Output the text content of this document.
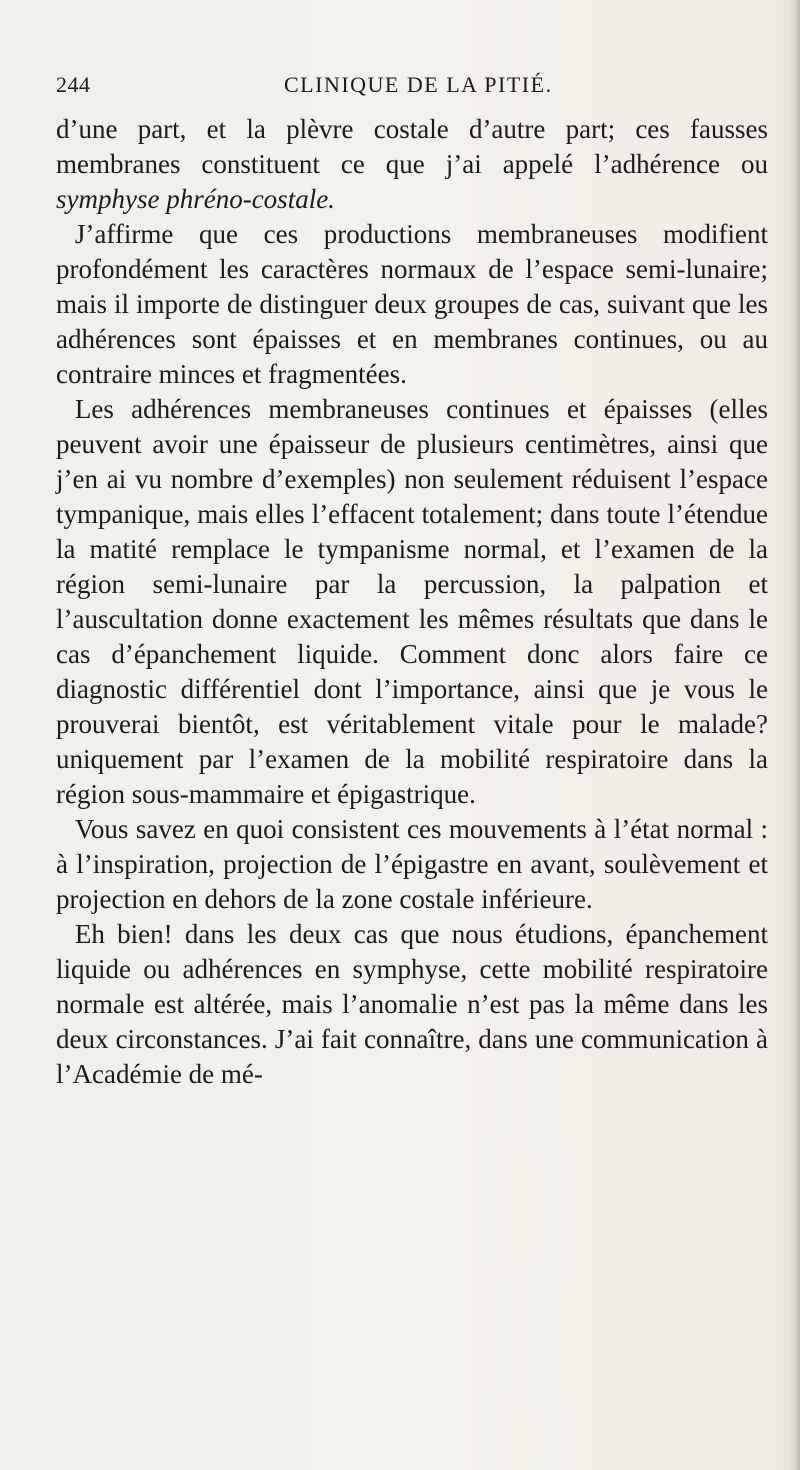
244	CLINIQUE DE LA PITIÉ.

d’une part, et la plèvre costale d’autre part; ces fausses membranes constituent ce que j’ai appelé l’adhérence ou symphyse phréno-costale.

J’affirme que ces productions membraneuses modifient profondément les caractères normaux de l’espace semi-lunaire; mais il importe de distinguer deux groupes de cas, suivant que les adhérences sont épaisses et en membranes continues, ou au contraire minces et fragmentées.

Les adhérences membraneuses continues et épaisses (elles peuvent avoir une épaisseur de plusieurs centimètres, ainsi que j’en ai vu nombre d’exemples) non seulement réduisent l’espace tympanique, mais elles l’effacent totalement; dans toute l’étendue la matité remplace le tympanisme normal, et l’examen de la région semi-lunaire par la percussion, la palpation et l’auscultation donne exactement les mêmes résultats que dans le cas d’épanchement liquide. Comment donc alors faire ce diagnostic différentiel dont l’importance, ainsi que je vous le prouverai bientôt, est véritablement vitale pour le malade? uniquement par l’examen de la mobilité respiratoire dans la région sous-mammaire et épigastrique.

Vous savez en quoi consistent ces mouvements à l’état normal : à l’inspiration, projection de l’épigastre en avant, soulèvement et projection en dehors de la zone costale inférieure.

Eh bien! dans les deux cas que nous étudions, épanchement liquide ou adhérences en symphyse, cette mobilité respiratoire normale est altérée, mais l’anomalie n’est pas la même dans les deux circonstances. J’ai fait connaître, dans une communication à l’Académie de mé-
